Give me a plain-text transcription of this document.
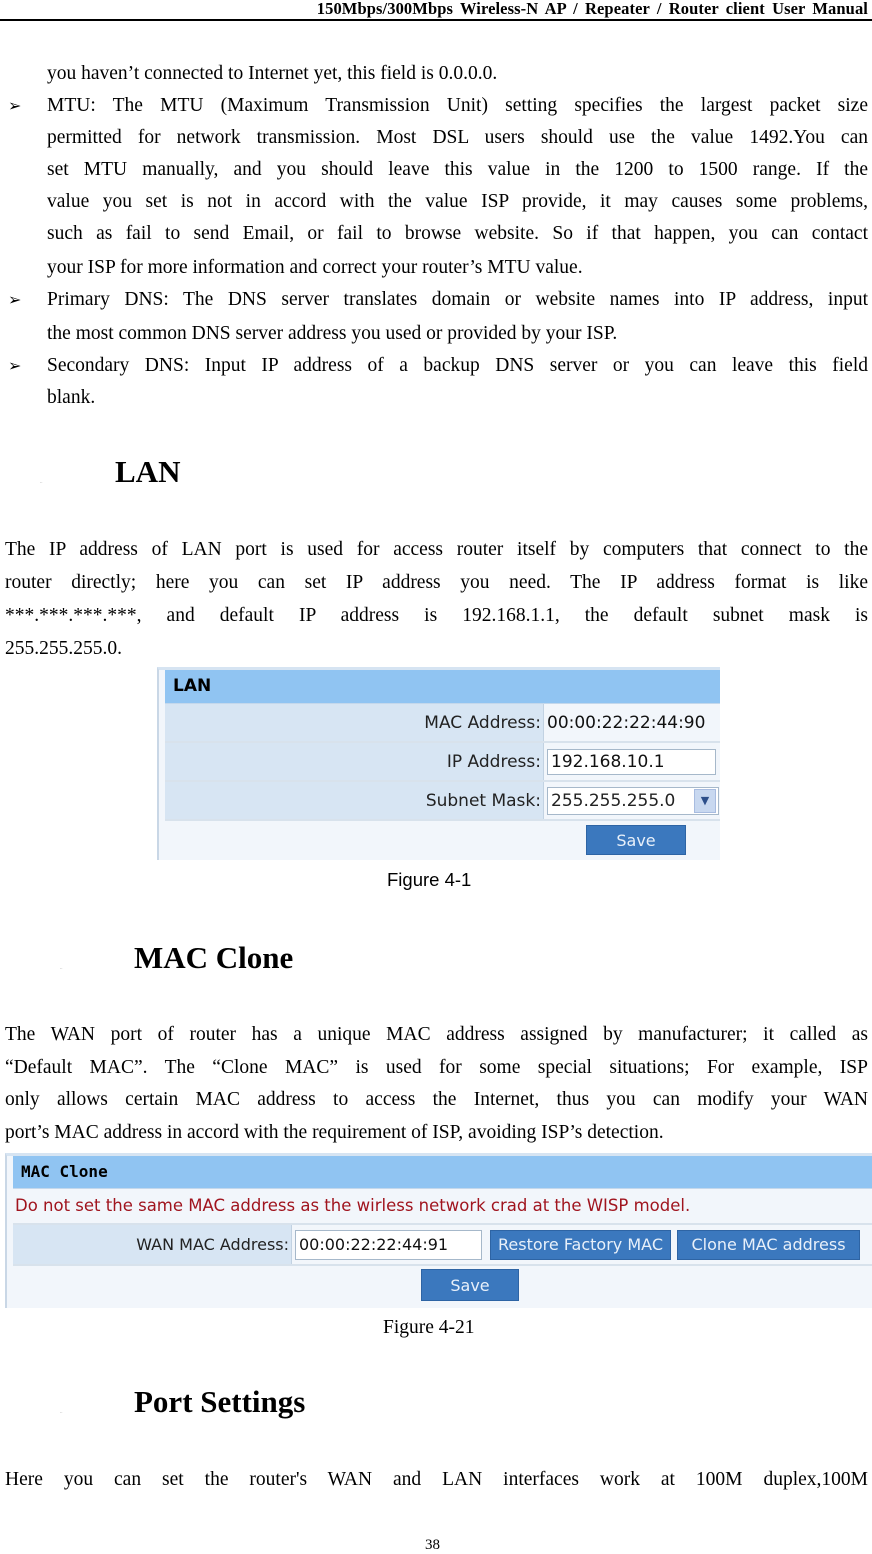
150Mbps/300Mbps Wireless-N AP / Repeater / Router client User Manual
you haven’t connected to Internet yet, this field is 0.0.0.0.
➢ MTU: The MTU (Maximum Transmission Unit) setting specifies the largest packet size
permitted for network transmission. Most DSL users should use the value 1492.You can
set MTU manually, and you should leave this value in the 1200 to 1500 range. If the
value you set is not in accord with the value ISP provide, it may causes some problems,
such as fail to send Email, or fail to browse website. So if that happen, you can contact
your ISP for more information and correct your router’s MTU value.
➢ Primary DNS: The DNS server translates domain or website names into IP address, input
the most common DNS server address you used or provided by your ISP.
➢ Secondary DNS: Input IP address of a backup DNS server or you can leave this field
blank.
.. LAN
The IP address of LAN port is used for access router itself by computers that connect to the
router directly; here you can set IP address you need. The IP address format is like
***.***.***.***, and default IP address is 192.168.1.1, the default subnet mask is
255.255.255.0.
LAN
MAC Address: 00:00:22:22:44:90
IP Address: 192.168.10.1
Subnet Mask: 255.255.255.0	▼
Save
Figure 4-1
.. MAC Clone
The WAN port of router has a unique MAC address assigned by manufacturer; it called as
“Default MAC”. The “Clone MAC” is used for some special situations; For example, ISP
only allows certain MAC address to access the Internet, thus you can modify your WAN
port’s MAC address in accord with the requirement of ISP, avoiding ISP’s detection.
MAC Clone
Do not set the same MAC address as the wirless network crad at the WISP model.
WAN MAC Address: 00:00:22:22:44:91	Restore Factory MAC	Clone MAC address
Save
Figure 4-21
.. Port Settings
Here you can set the router's WAN and LAN interfaces work at 100M duplex,100M
38
